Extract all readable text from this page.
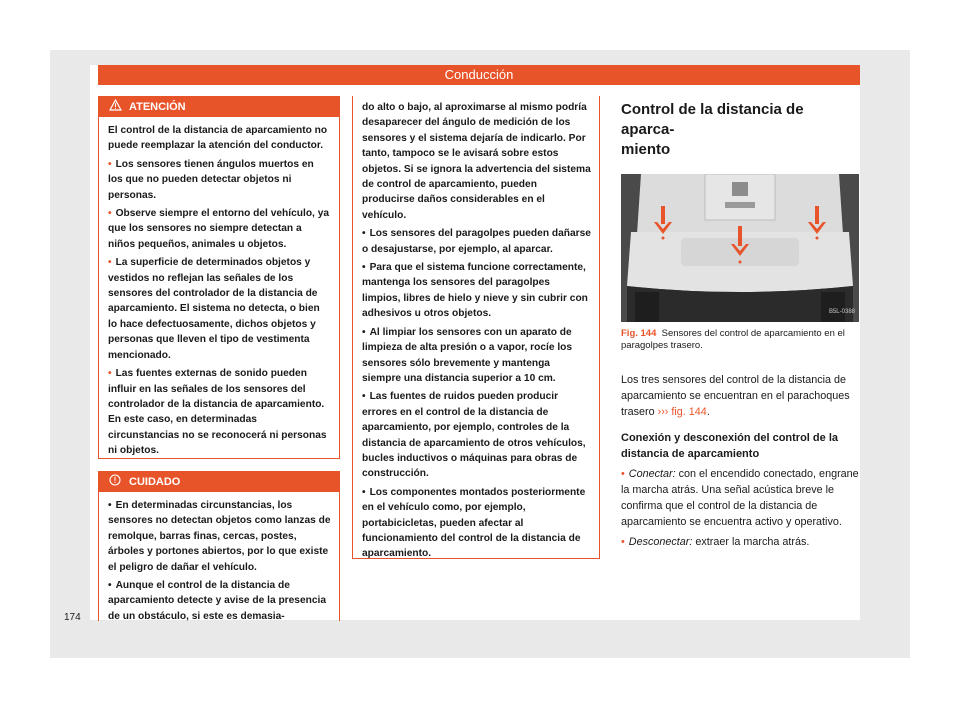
Conducción
ATENCIÓN

El control de la distancia de aparcamiento no puede reemplazar la atención del conductor.

• Los sensores tienen ángulos muertos en los que no pueden detectar objetos ni personas.

• Observe siempre el entorno del vehículo, ya que los sensores no siempre detectan a niños pequeños, animales u objetos.

• La superficie de determinados objetos y vestidos no reflejan las señales de los sensores del controlador de la distancia de aparcamiento. El sistema no detecta, o bien lo hace defectuosamente, dichos objetos y personas que lleven el tipo de vestimenta mencionado.

• Las fuentes externas de sonido pueden influir en las señales de los sensores del controlador de la distancia de aparcamiento. En este caso, en determinadas circunstancias no se reconocerá ni personas ni objetos.

CUIDADO

• En determinadas circunstancias, los sensores no detectan objetos como lanzas de remolque, barras finas, cercas, postes, árboles y portones abiertos, por lo que existe el peligro de dañar el vehículo.

• Aunque el control de la distancia de aparcamiento detecte y avise de la presencia de un obstáculo, si este es demasia-

do alto o bajo, al aproximarse al mismo podría desaparecer del ángulo de medición de los sensores y el sistema dejaría de indicarlo. Por tanto, tampoco se le avisará sobre estos objetos. Si se ignora la advertencia del sistema de control de aparcamiento, pueden producirse daños considerables en el vehículo.

• Los sensores del paragolpes pueden dañarse o desajustarse, por ejemplo, al aparcar.

• Para que el sistema funcione correctamente, mantenga los sensores del paragolpes limpios, libres de hielo y nieve y sin cubrir con adhesivos u otros objetos.

• Al limpiar los sensores con un aparato de limpieza de alta presión o a vapor, rocíe los sensores sólo brevemente y mantenga siempre una distancia superior a 10 cm.

• Las fuentes de ruidos pueden producir errores en el control de la distancia de aparcamiento, por ejemplo, controles de la distancia de aparcamiento de otros vehículos, bucles inductivos o máquinas para obras de construcción.

• Los componentes montados posteriormente en el vehículo como, por ejemplo, portabicicletas, pueden afectar al funcionamiento del control de la distancia de aparcamiento.

Control de la distancia de aparca-
miento

B5L-0388
Fig. 144 Sensores del control de aparcamiento en el paragolpes trasero.
Los tres sensores del control de la distancia de aparcamiento se encuentran en el parachoques trasero ››› fig. 144.
Conexión y desconexión del control de la distancia de aparcamiento
• Conectar: con el encendido conectado, engrane la marcha atrás. Una señal acústica breve le confirma que el control de la distancia de aparcamiento se encuentra activo y operativo.
• Desconectar: extraer la marcha atrás.
174
